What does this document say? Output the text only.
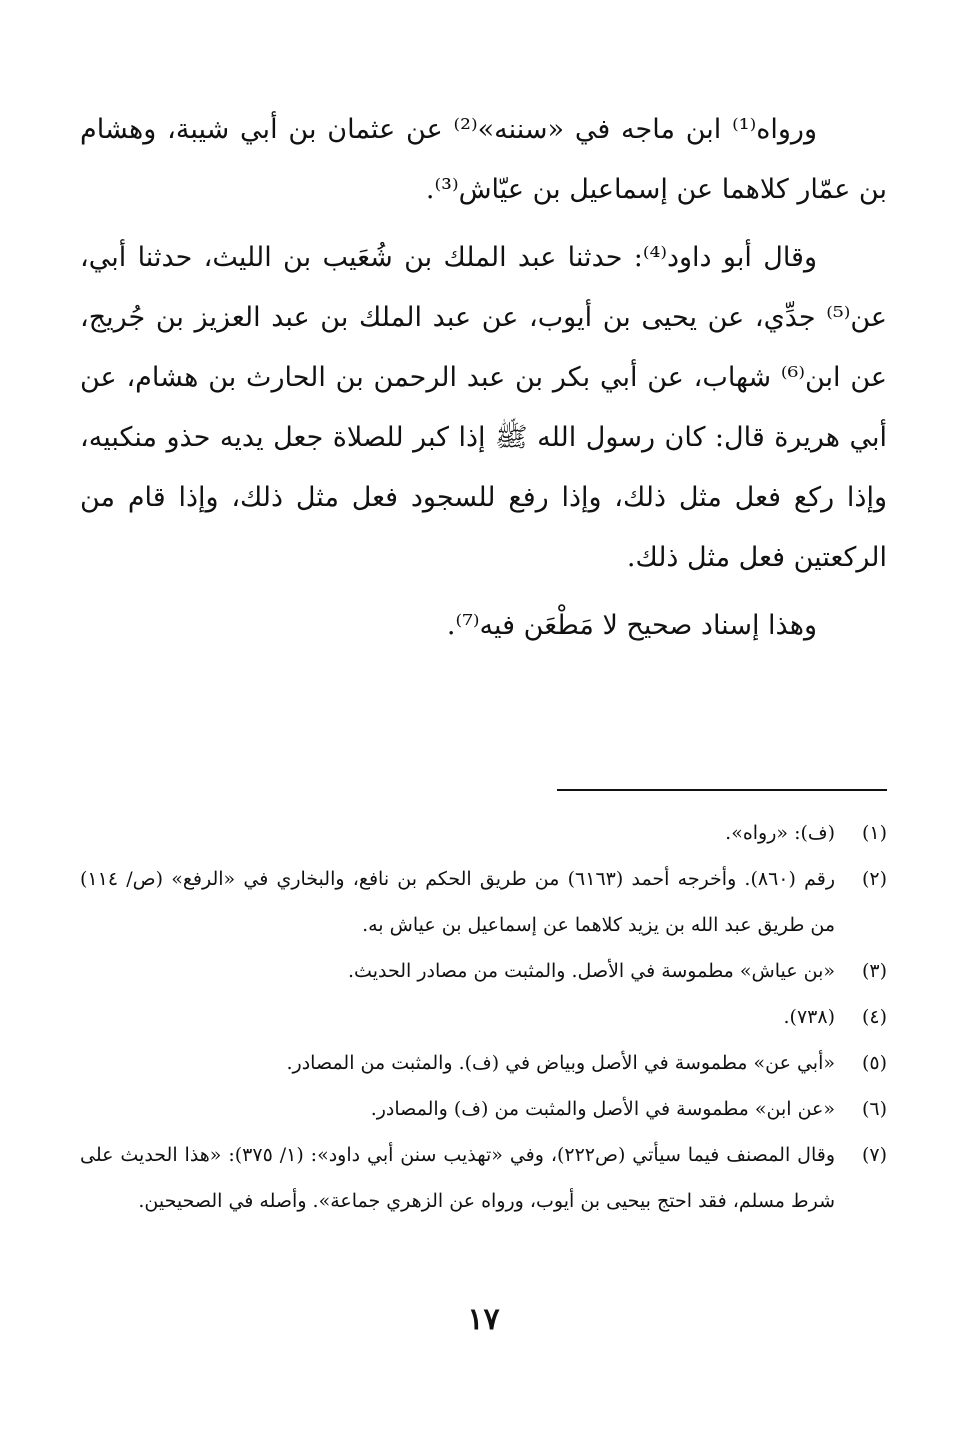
ورواه⁽¹⁾ ابن ماجه في «سننه»⁽²⁾ عن عثمان بن أبي شيبة، وهشام بن عمّار كلاهما عن إسماعيل بن عيّاش⁽³⁾.

وقال أبو داود⁽⁴⁾: حدثنا عبد الملك بن شُعَيب بن الليث، حدثنا أبي، عن⁽⁵⁾ جدِّي، عن يحيى بن أيوب، عن عبد الملك بن عبد العزيز بن جُريج، عن ابن⁽⁶⁾ شهاب، عن أبي بكر بن عبد الرحمن بن الحارث بن هشام، عن أبي هريرة قال: كان رسول الله ﷺ إذا كبر للصلاة جعل يديه حذو منكبيه، وإذا ركع فعل مثل ذلك، وإذا رفع للسجود فعل مثل ذلك، وإذا قام من الركعتين فعل مثل ذلك.

وهذا إسناد صحيح لا مَطْعَن فيه⁽⁷⁾.

(١)
(ف): «رواه».
(٢)
رقم (٨٦٠). وأخرجه أحمد (٦١٦٣) من طريق الحكم بن نافع، والبخاري في «الرفع» (ص/ ١١٤) من طريق عبد الله بن يزيد كلاهما عن إسماعيل بن عياش به.
(٣)
«بن عياش» مطموسة في الأصل. والمثبت من مصادر الحديث.
(٤)
(٧٣٨).
(٥)
«أبي عن» مطموسة في الأصل وبياض في (ف). والمثبت من المصادر.
(٦)
«عن ابن» مطموسة في الأصل والمثبت من (ف) والمصادر.
(٧)
وقال المصنف فيما سيأتي (ص٢٢٢)، وفي «تهذيب سنن أبي داود»: (١/ ٣٧٥): «هذا الحديث على شرط مسلم، فقد احتج بيحيى بن أيوب، ورواه عن الزهري جماعة». وأصله في الصحيحين.
١٧
